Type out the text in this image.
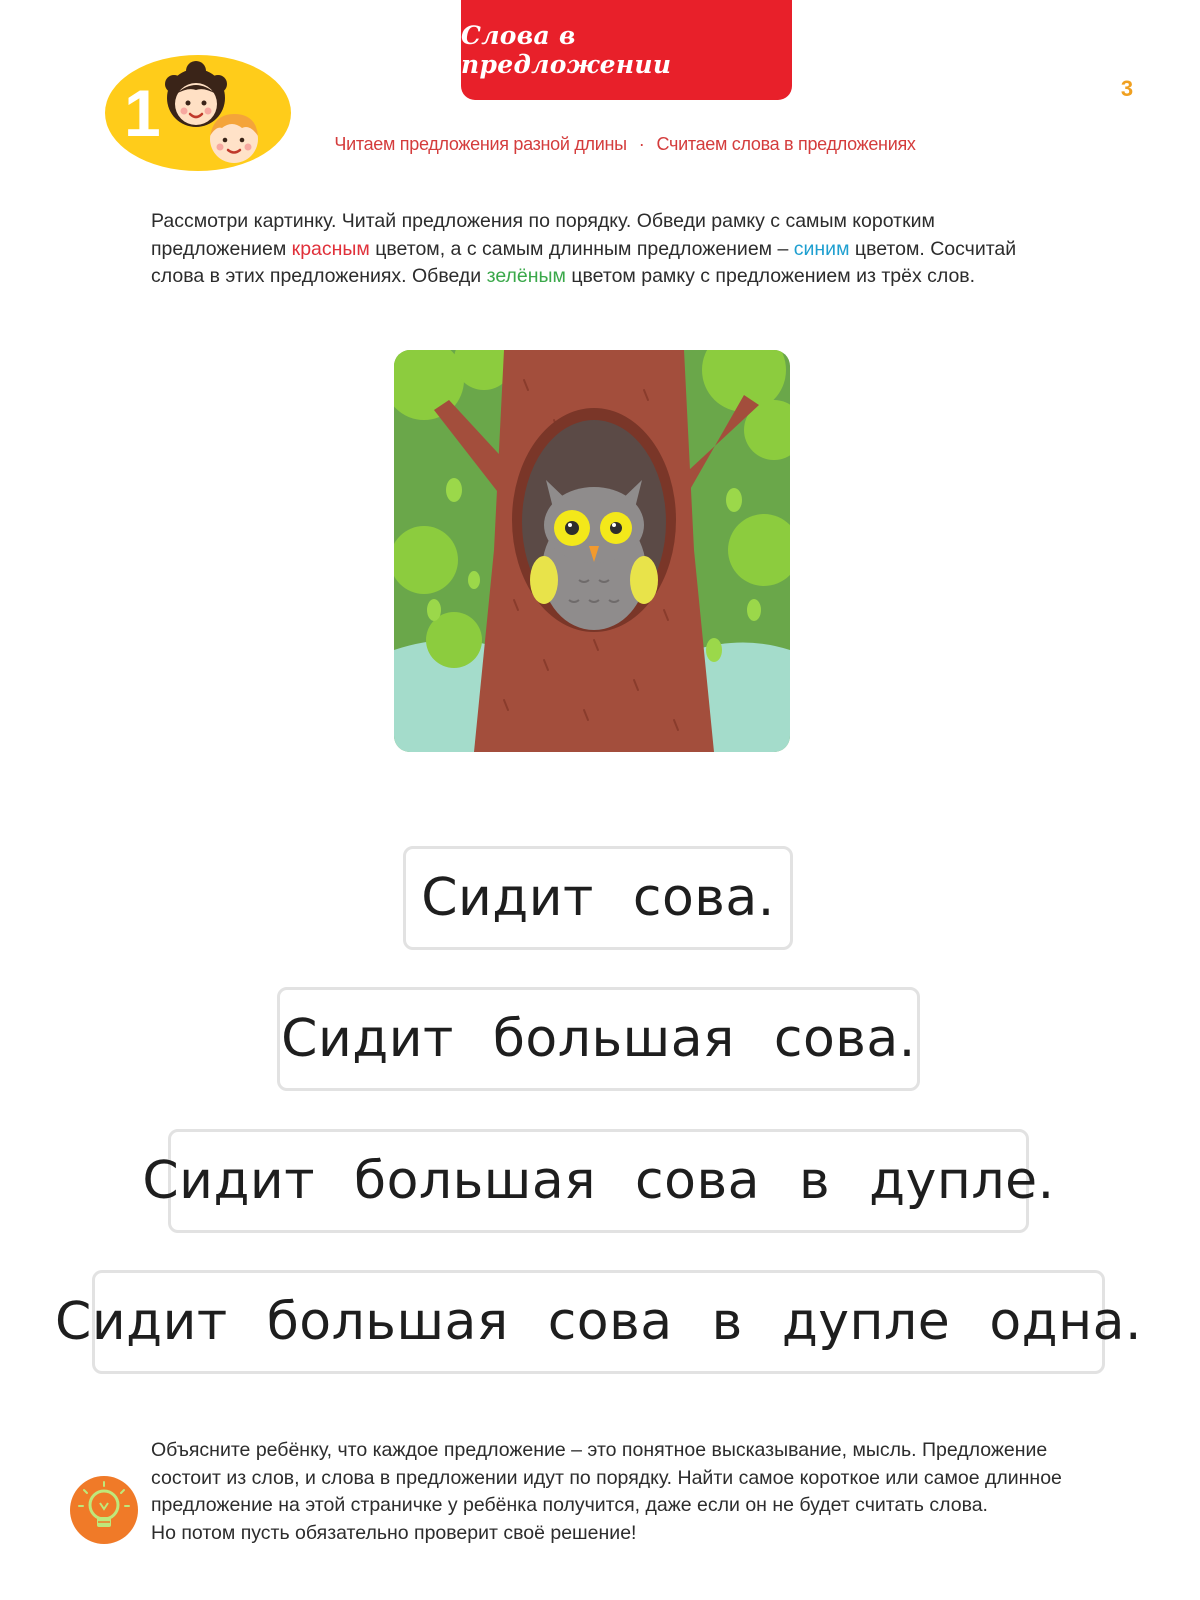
Слова в предложении
3
1	Читаем предложения разной длины · Считаем слова в предложениях
Рассмотри картинку. Читай предложения по порядку. Обведи рамку с самым коротким предложением красным цветом, а с самым длинным предложением – синим цветом. Сосчитай слова в этих предложениях. Обведи зелёным цветом рамку с предложением из трёх слов.
Сидит сова.
Сидит большая сова.
Сидит большая сова в дупле.
Сидит большая сова в дупле одна.
Объясните ребёнку, что каждое предложение – это понятное высказывание, мысль. Предложение
состоит из слов, и слова в предложении идут по порядку. Найти самое короткое или самое длинное
предложение на этой страничке у ребёнка получится, даже если он не будет считать слова.
Но потом пусть обязательно проверит своё решение!
